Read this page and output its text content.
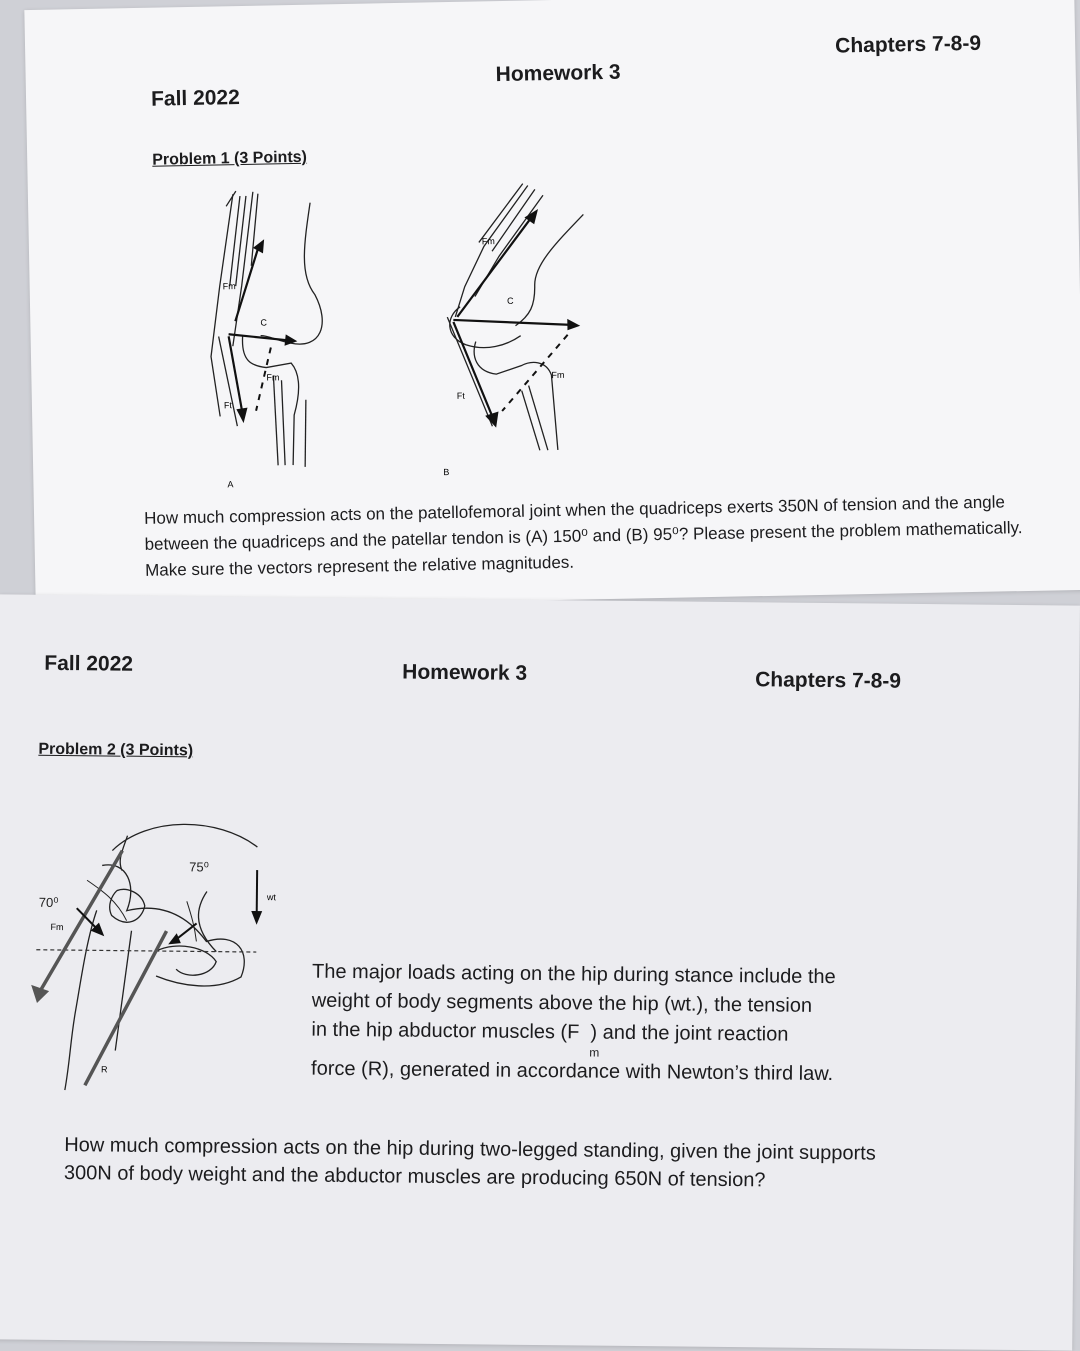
Fall 2022

Homework 3

Chapters 7-8-9

Problem 1 (3 Points)

Fm
C
Fm
Ft
A
Fm
C
Fm
Ft
B

How much compression acts on the patellofemoral joint when the quadriceps exerts 350N of tension and the angle between the quadriceps and the patellar tendon is (A) 150⁰ and (B) 95⁰? Please present the problem mathematically. Make sure the vectors represent the relative magnitudes.

Fall 2022	Homework 3	Chapters 7-8-9

Problem 2 (3 Points)

70⁰
75⁰
Fm
wt
R
The major loads acting on the hip during stance include the
weight of body segments above the hip (wt.), the tension
in the hip abductor muscles (F  ) and the joint reaction
m
force (R), generated in accordance with Newton’s third law.

How much compression acts on the hip during two-legged standing, given the joint supports 300N of body weight and the abductor muscles are producing 650N of tension?
